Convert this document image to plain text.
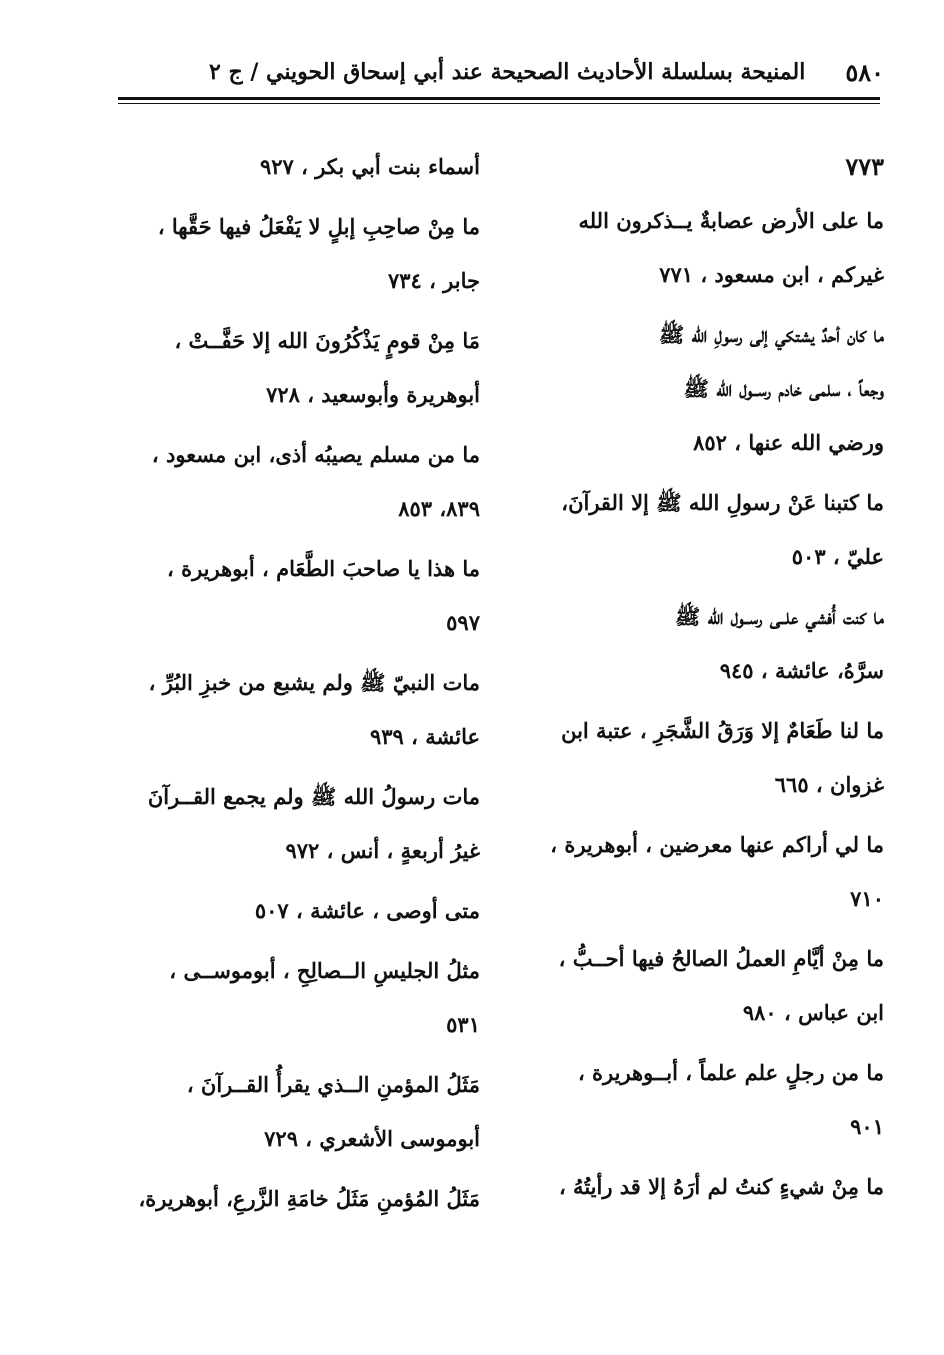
٥٨٠
المنيحة بسلسلة الأحاديث الصحيحة عند أبي إسحاق الحويني / ج ٢
٧٧٣
ما على الأرض عصابةٌ يــذكرون الله
غيركم ، ابن مسعود ، ٧٧١
ما كان أحدٌ يشتكي إلى رسولِ الله ﷺ
وجعاً ، سلمى خادم رســول الله ﷺ
ورضي الله عنها ، ٨٥٢
ما كتبنا عَنْ رسولِ الله ﷺ إلا القرآنَ،
عليّ ، ٥٠٣
ما كنت أُفشي علــى رســول الله ﷺ
سرَّهُ، عائشة ، ٩٤٥
ما لنا طَعَامٌ إلا وَرَقُ الشَّجَرِ ، عتبة ابن
غزوان ، ٦٦٥
ما لي أراكم عنها معرضين ، أبوهريرة ،
٧١٠
ما مِنْ أيَّامِ العملُ الصالحُ فيها أحــبُّ ،
ابن عباس ، ٩٨٠
ما من رجلٍ علم علماً ، أبــوهريرة ،
٩٠١
ما مِنْ شيءٍ كنتُ لم أرَهُ إلا قد رأيتُهُ ،
أسماء بنت أبي بكر ، ٩٢٧
ما مِنْ صاحِبِ إبلٍ لا يَفْعَلُ فيها حَقَّها ،
جابر ، ٧٣٤
مَا مِنْ قومٍ يَذْكُرُونَ الله إلا حَفَّــتْ ،
أبوهريرة وأبوسعيد ، ٧٢٨
ما من مسلم يصيبُه أذى، ابن مسعود ،
٨٣٩، ٨٥٣
ما هذا يا صاحبَ الطَّعَام ، أبوهريرة ،
٥٩٧
مات النبيّ ﷺ ولم يشبع من خبزِ البُرِّ ،
عائشة ، ٩٣٩
مات رسولُ الله ﷺ ولم يجمع القــرآنَ
غيرُ أربعةٍ ، أنس ، ٩٧٢
متى أوصى ، عائشة ، ٥٠٧
مثلُ الجليسِ الــصالِحِ ، أبوموســى ،
٥٣١
مَثَلُ المؤمنِ الــذي يقرأُ القــرآنَ ،
أبوموسى الأشعري ، ٧٢٩
مَثَلُ المُؤمنِ مَثَلُ خامَةِ الزَّرعِ، أبوهريرة،
